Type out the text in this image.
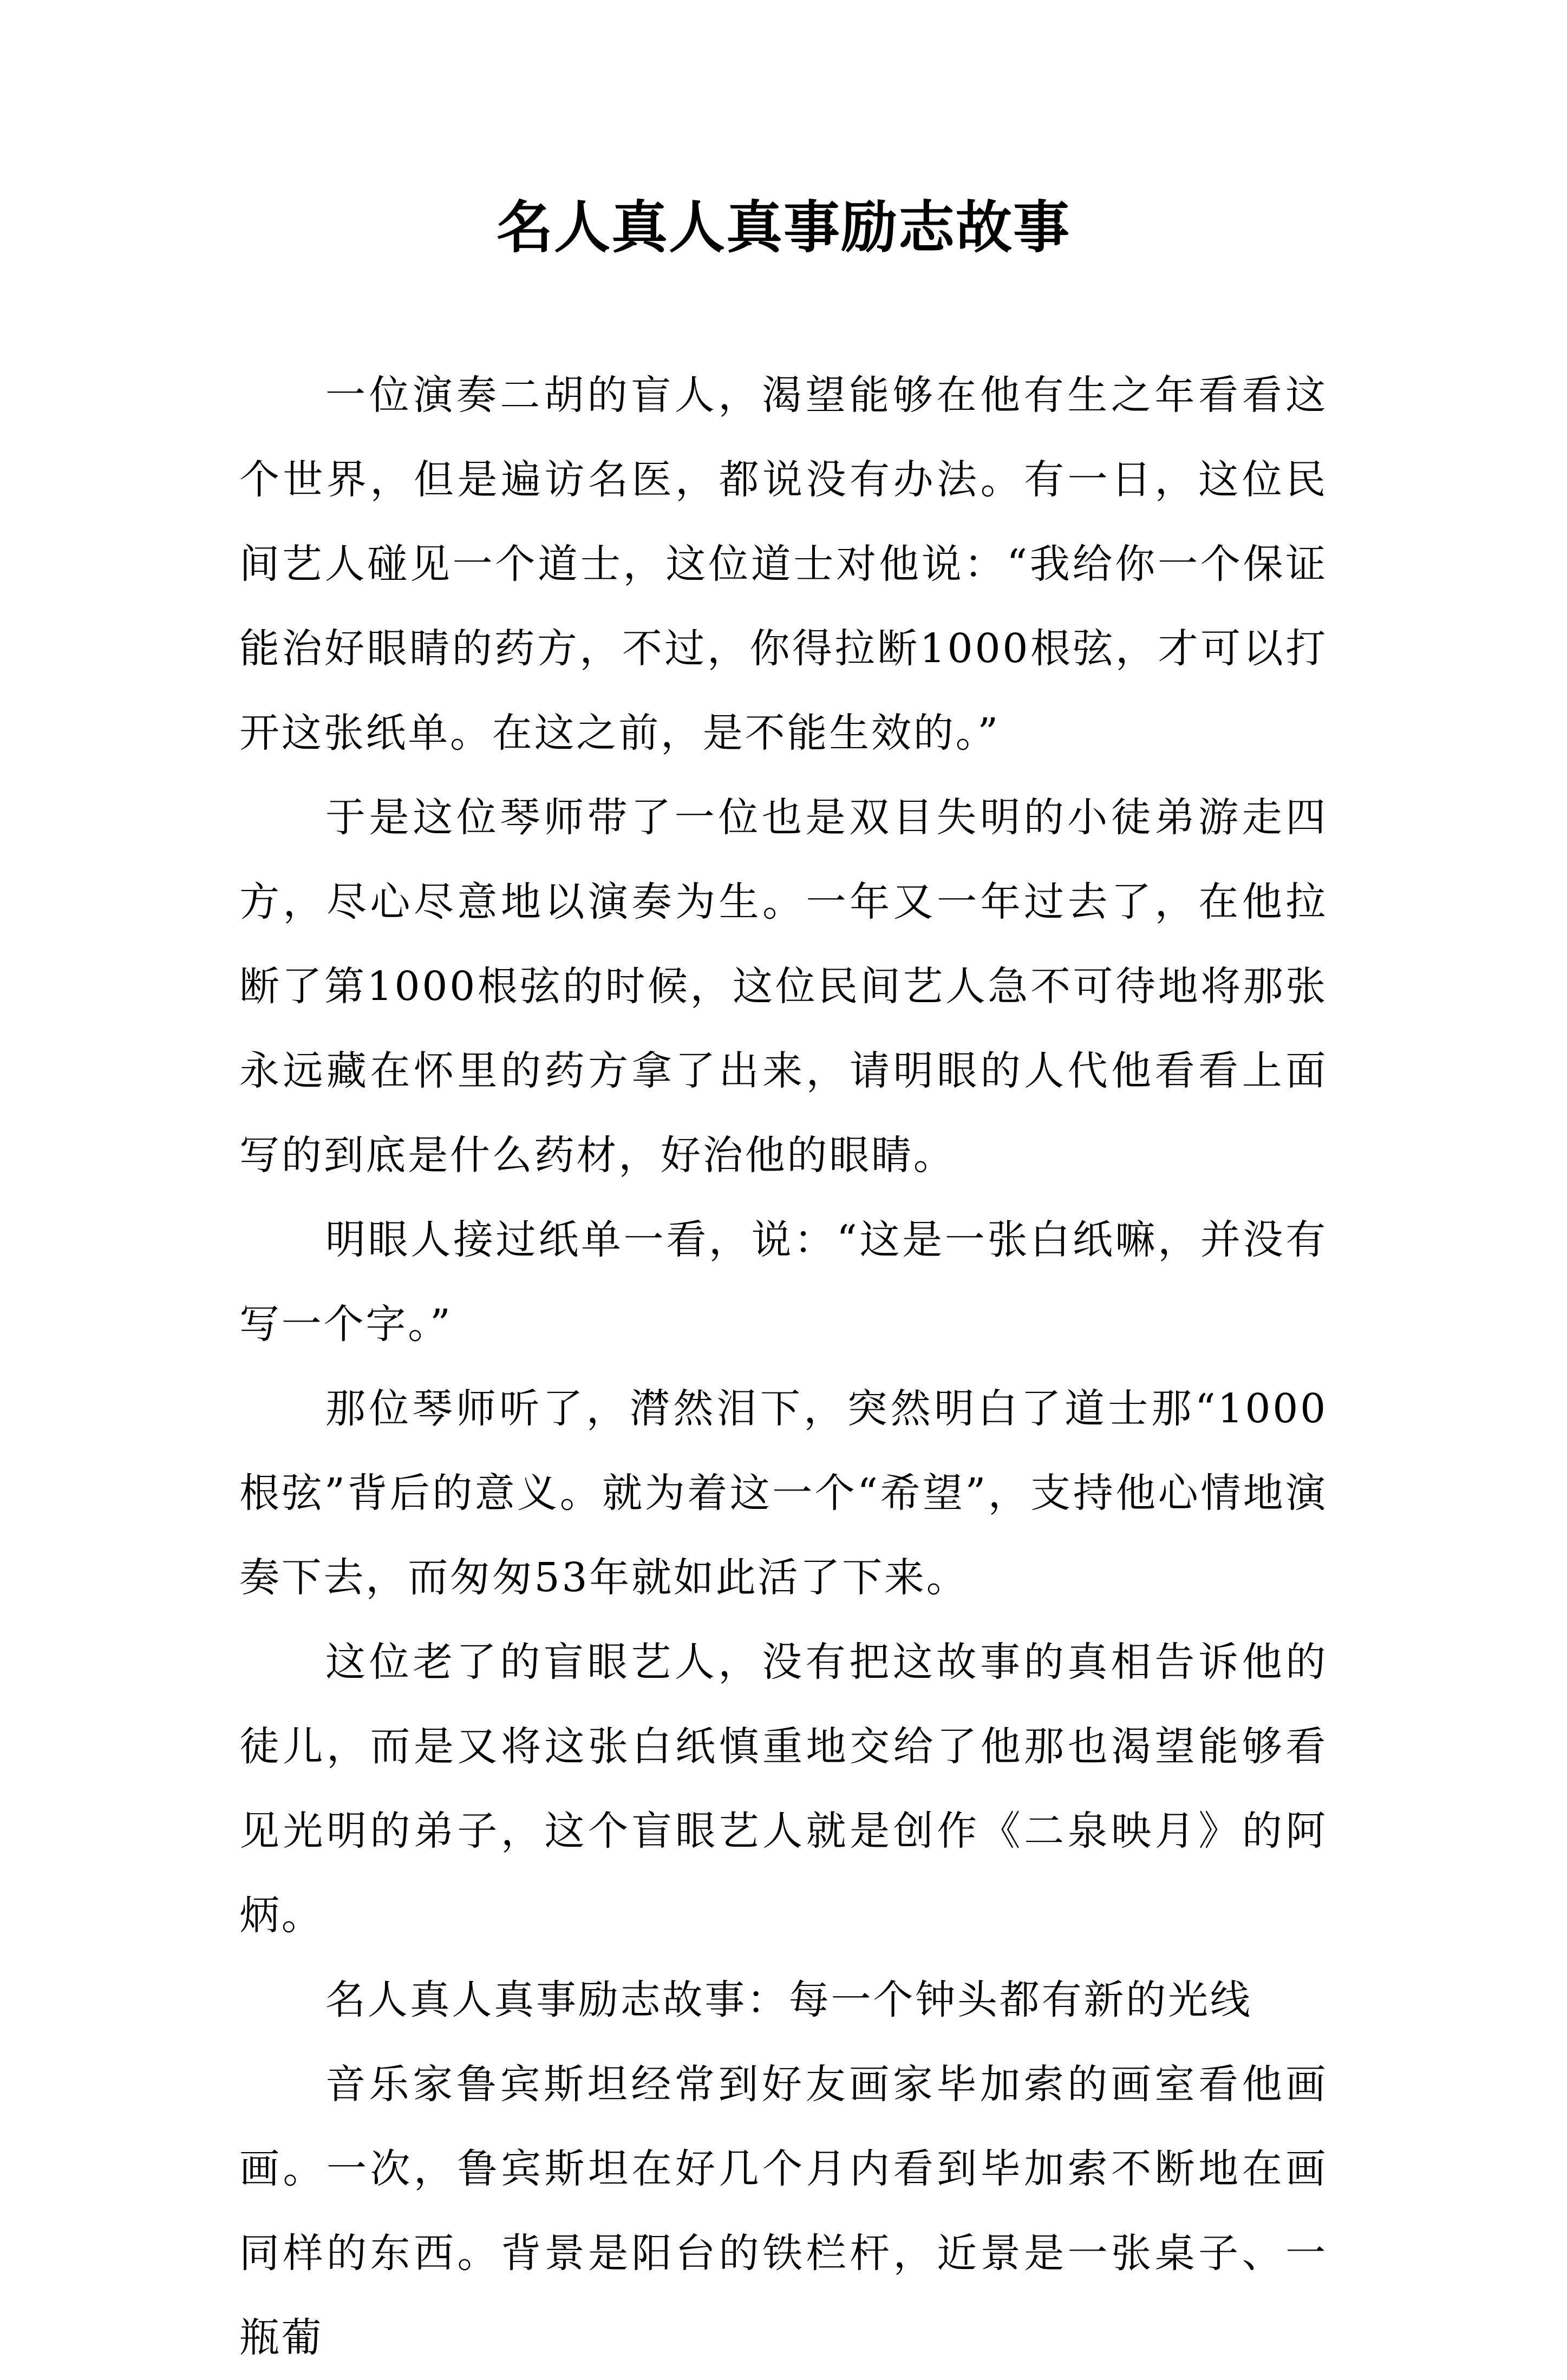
名人真人真事励志故事

一位演奏二胡的盲人，渴望能够在他有生之年看看这个世界，但是遍访名医，都说没有办法。有一日，这位民间艺人碰见一个道士，这位道士对他说：“我给你一个保证能治好眼睛的药方，不过，你得拉断1000根弦，才可以打开这张纸单。在这之前，是不能生效的。”

于是这位琴师带了一位也是双目失明的小徒弟游走四方，尽心尽意地以演奏为生。一年又一年过去了，在他拉断了第1000根弦的时候，这位民间艺人急不可待地将那张永远藏在怀里的药方拿了出来，请明眼的人代他看看上面写的到底是什么药材，好治他的眼睛。

明眼人接过纸单一看，说：“这是一张白纸嘛，并没有写一个字。”

那位琴师听了，潸然泪下，突然明白了道士那“1000根弦”背后的意义。就为着这一个“希望”，支持他心情地演奏下去，而匆匆53年就如此活了下来。

这位老了的盲眼艺人，没有把这故事的真相告诉他的徒儿，而是又将这张白纸慎重地交给了他那也渴望能够看见光明的弟子，这个盲眼艺人就是创作《二泉映月》的阿炳。

名人真人真事励志故事：每一个钟头都有新的光线

音乐家鲁宾斯坦经常到好友画家毕加索的画室看他画画。一次，鲁宾斯坦在好几个月内看到毕加索不断地在画同样的东西。背景是阳台的铁栏杆，近景是一张桌子、一瓶葡
